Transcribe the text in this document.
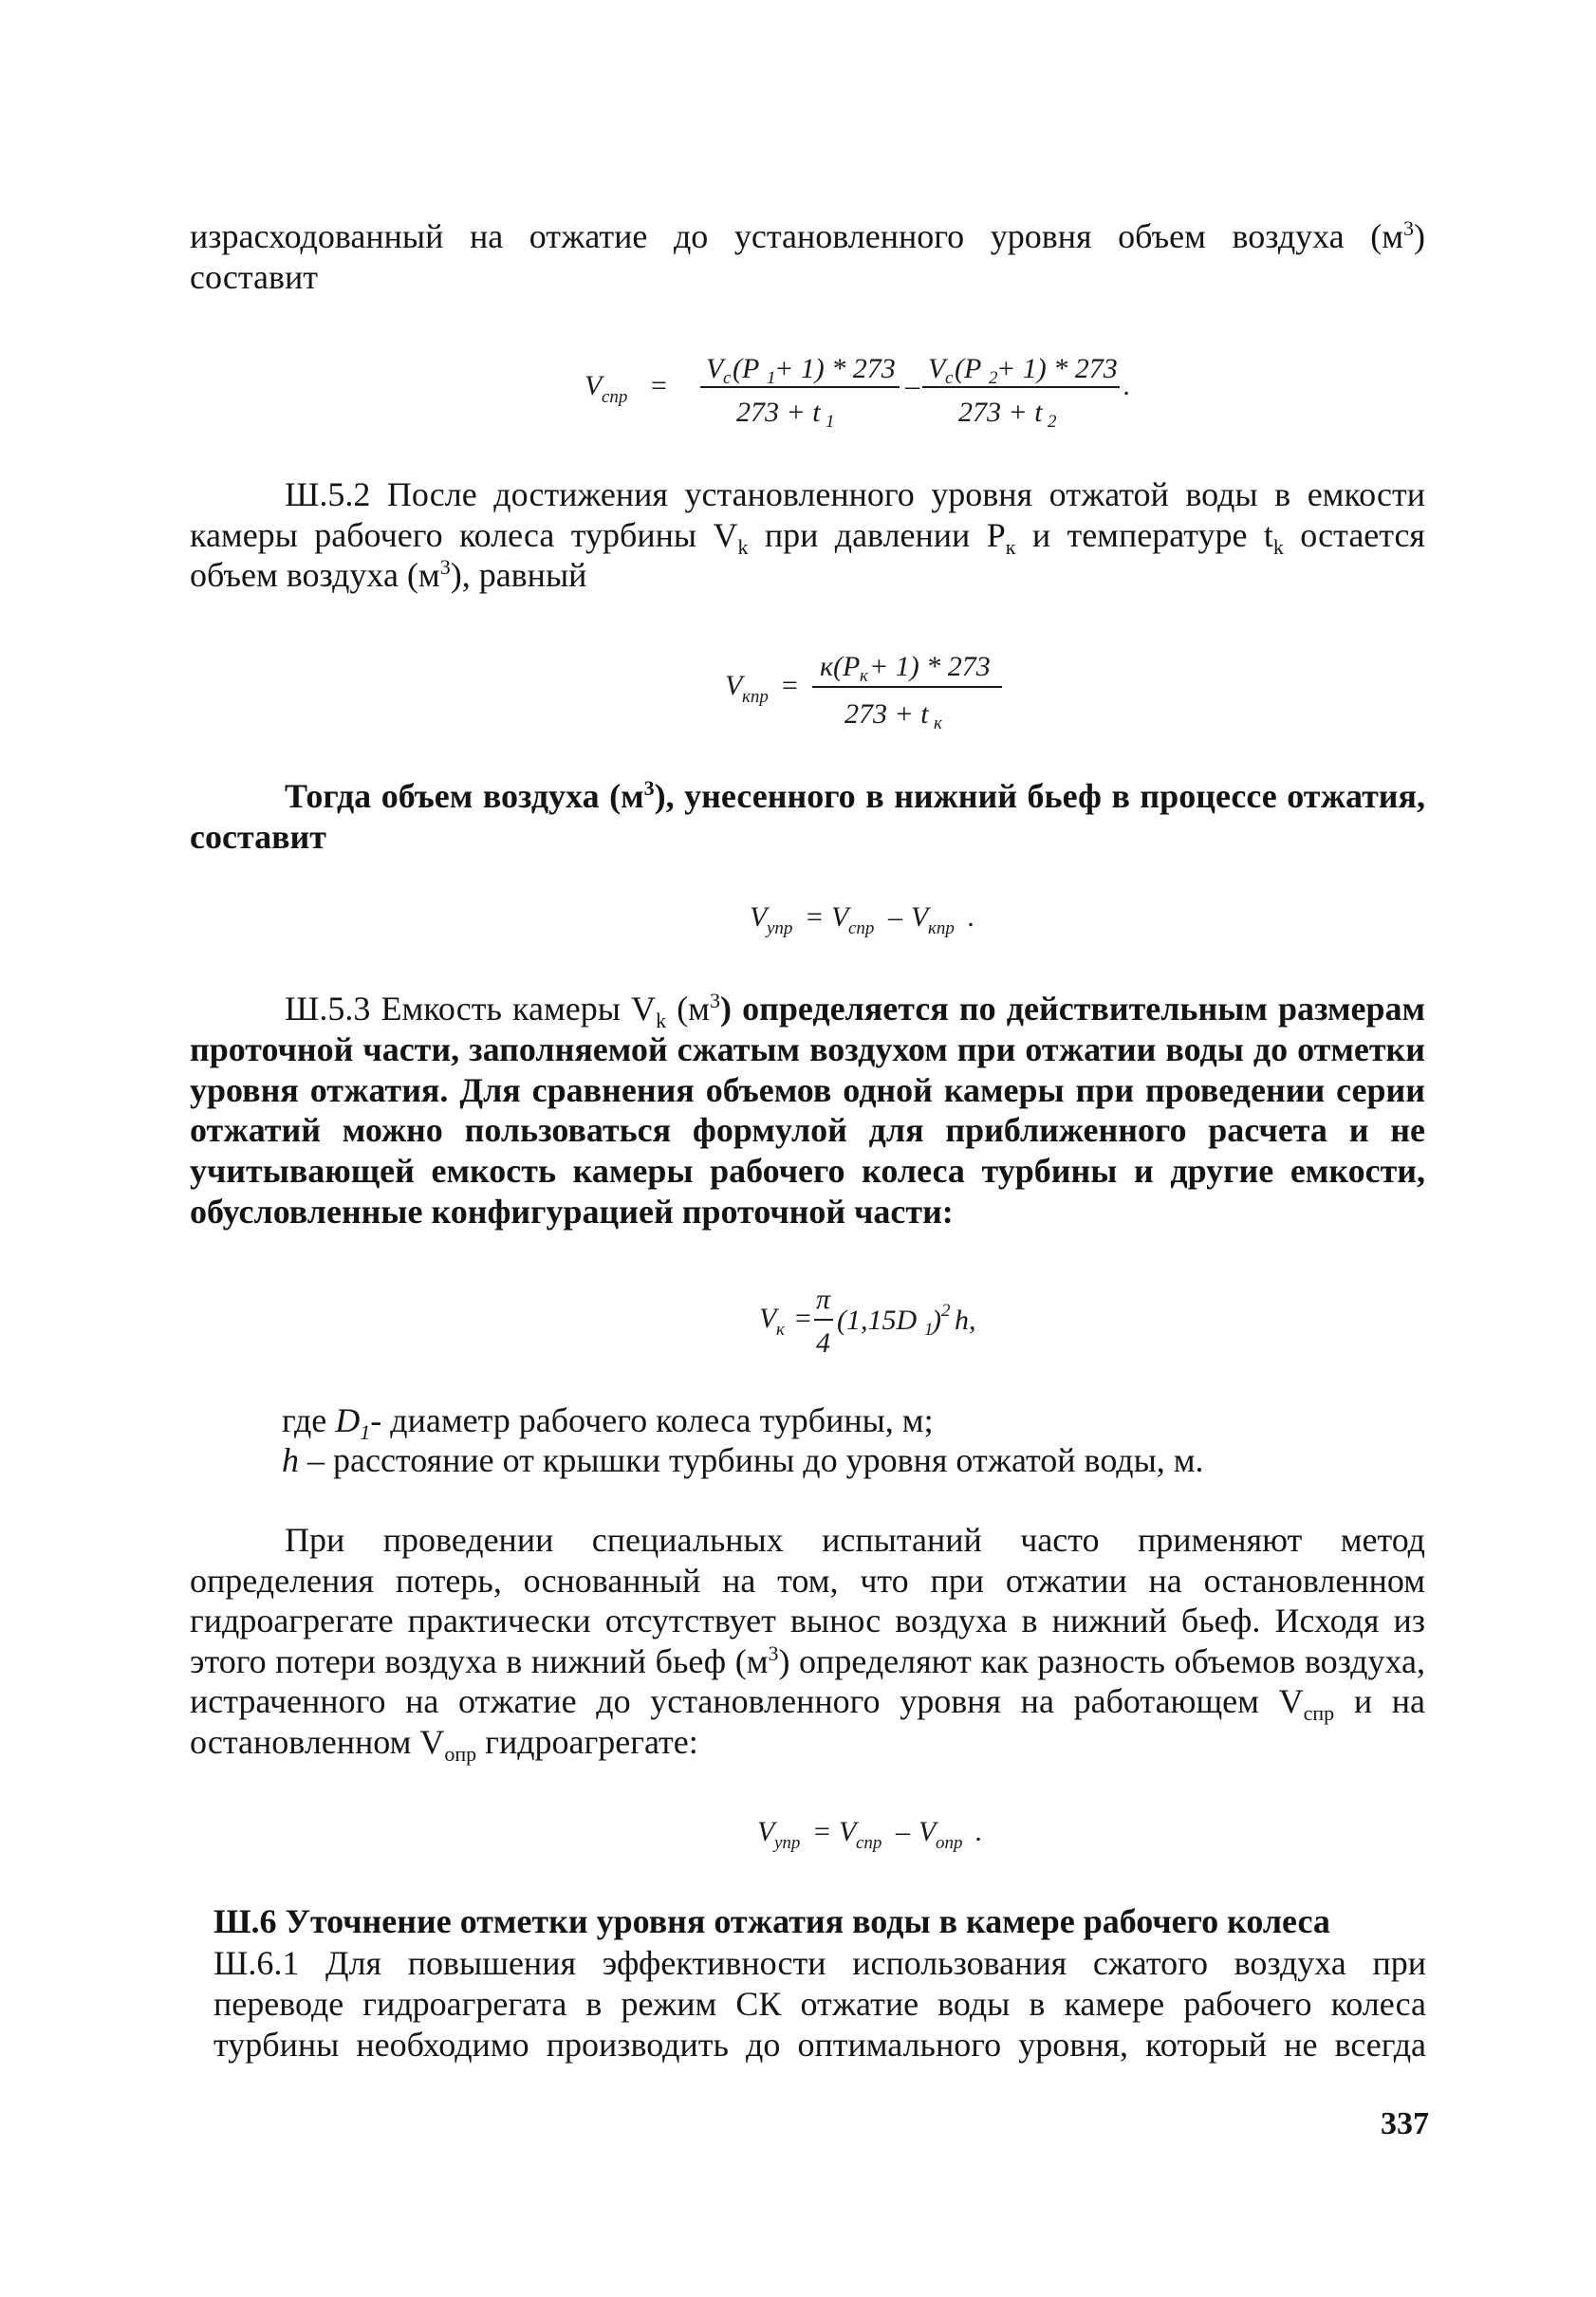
израсходованный на отжатие до установленного уровня объем воздуха $(м^3)$
составит
V спр =
V c (P 1
+ 1) * 273
273 + t 1
–
V c (P 2
+ 1) * 273
273 + t 2
.
Ш.5.2 После достижения установленного уровня отжатой воды в емкости камеры рабочего колеса турбины $V_k$ при давлении $P_к$ и температуре $t_k$ остается объем воздуха $(м^3)$, равный
V кпр =
к(P к + 1) * 273
273 + t к
Тогда объем воздуха $(м^3)$, унесенного в нижний бьеф в процессе отжатия, составит
V упр = V спр – V кпр .
Ш.5.3 Емкость камеры $V_k$ $(м^3)$ определяется по действительным размерам проточной части, заполняемой сжатым воздухом при отжатии воды до отметки уровня отжатия. Для сравнения объемов одной камеры при проведении серии отжатий можно пользоваться формулой для приближенного расчета и не учитывающей емкость камеры рабочего колеса турбины и другие емкости, обусловленные конфигурацией проточной части:
V к =
π
4
(1,15D 1
) 2 h,
где $D_1-$ диаметр рабочего колеса турбины, м;
h – расстояние от крышки турбины до уровня отжатой воды, м.
При проведении специальных испытаний часто применяют метод определения потерь, основанный на том, что при отжатии на остановленном гидроагрегате практически отсутствует вынос воздуха в нижний бьеф. Исходя из этого потери воздуха в нижний бьеф $(м^3)$ определяют как разность объемов воздуха, истраченного на отжатие до установленного уровня на работающем $V_{спр}$ и на остановленном $V_{опр}$ гидроагрегате:
V упр = V спр – V опр .
Ш.6 Уточнение отметки уровня отжатия воды в камере рабочего колеса
Ш.6.1 Для повышения эффективности использования сжатого воздуха при переводе гидроагрегата в режим СК отжатие воды в камере рабочего колеса турбины необходимо производить до оптимального уровня, который не всегда
337
